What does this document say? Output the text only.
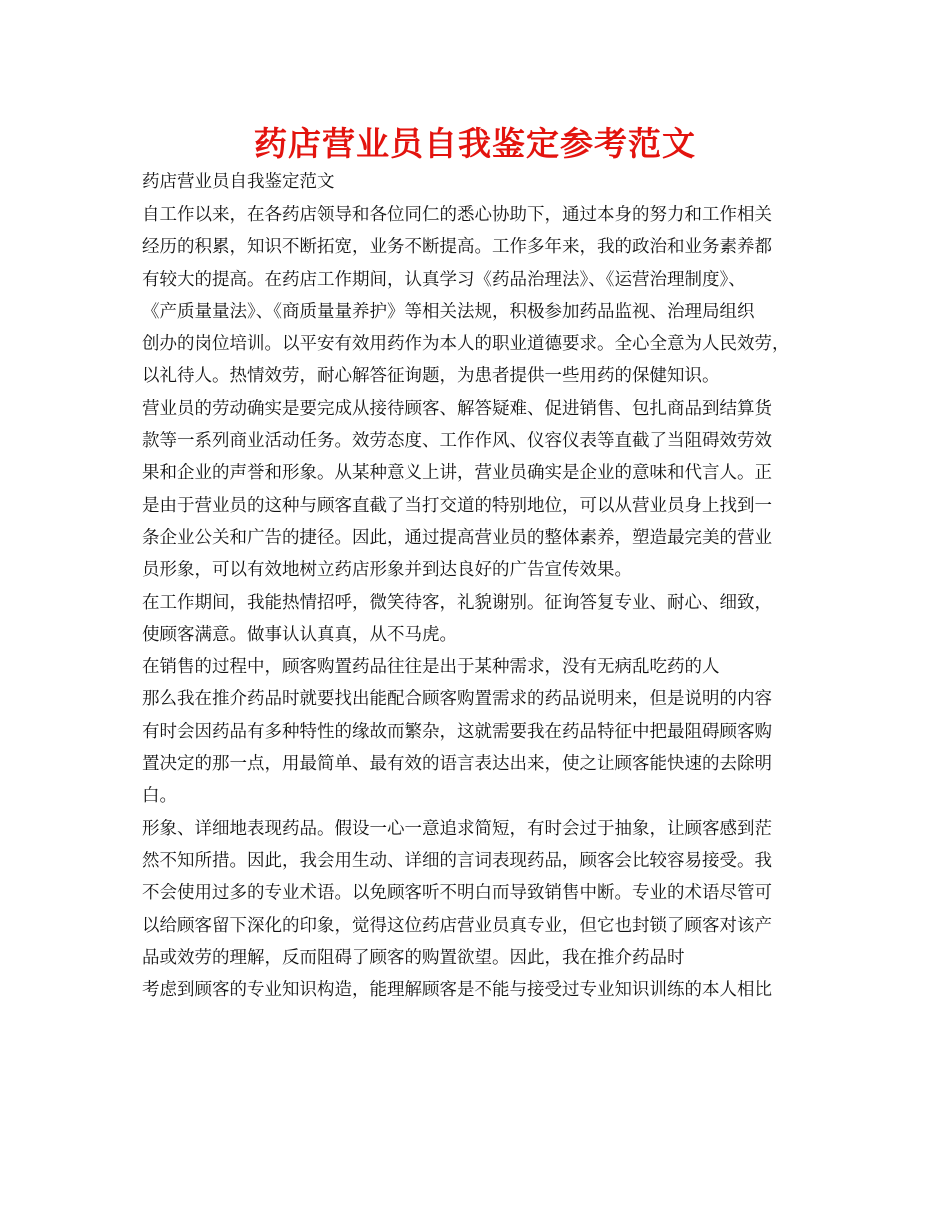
药店营业员自我鉴定参考范文
药店营业员自我鉴定范文
自工作以来，在各药店领导和各位同仁的悉心协助下，通过本身的努力和工作相关
经历的积累，知识不断拓宽，业务不断提高。工作多年来，我的政治和业务素养都
有较大的提高。在药店工作期间，认真学习《药品治理法》、《运营治理制度》、
《产质量量法》、《商质量量养护》等相关法规，积极参加药品监视、治理局组织
创办的岗位培训。以平安有效用药作为本人的职业道德要求。全心全意为人民效劳，
以礼待人。热情效劳，耐心解答征询题，为患者提供一些用药的保健知识。
营业员的劳动确实是要完成从接待顾客、解答疑难、促进销售、包扎商品到结算货
款等一系列商业活动任务。效劳态度、工作作风、仪容仪表等直截了当阻碍效劳效
果和企业的声誉和形象。从某种意义上讲，营业员确实是企业的意味和代言人。正
是由于营业员的这种与顾客直截了当打交道的特别地位，可以从营业员身上找到一
条企业公关和广告的捷径。因此，通过提高营业员的整体素养，塑造最完美的营业
员形象，可以有效地树立药店形象并到达良好的广告宣传效果。
在工作期间，我能热情招呼，微笑待客，礼貌谢别。征询答复专业、耐心、细致，
使顾客满意。做事认认真真，从不马虎。
在销售的过程中，顾客购置药品往往是出于某种需求，没有无病乱吃药的人
那么我在推介药品时就要找出能配合顾客购置需求的药品说明来，但是说明的内容
有时会因药品有多种特性的缘故而繁杂，这就需要我在药品特征中把最阻碍顾客购
置决定的那一点，用最简单、最有效的语言表达出来，使之让顾客能快速的去除明
白。
形象、详细地表现药品。假设一心一意追求简短，有时会过于抽象，让顾客感到茫
然不知所措。因此，我会用生动、详细的言词表现药品，顾客会比较容易接受。我
不会使用过多的专业术语。以免顾客听不明白而导致销售中断。专业的术语尽管可
以给顾客留下深化的印象，觉得这位药店营业员真专业，但它也封锁了顾客对该产
品或效劳的理解，反而阻碍了顾客的购置欲望。因此，我在推介药品时
考虑到顾客的专业知识构造，能理解顾客是不能与接受过专业知识训练的本人相比
